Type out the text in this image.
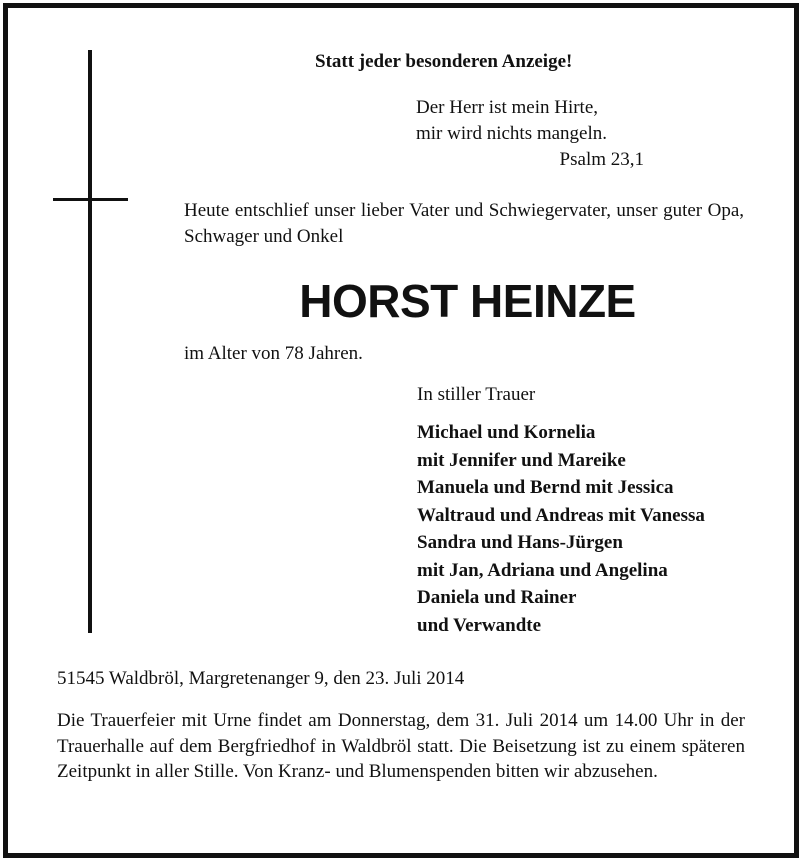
Statt jeder besonderen Anzeige!
Der Herr ist mein Hirte,
mir wird nichts mangeln.
Psalm 23,1
Heute entschlief unser lieber Vater und Schwiegervater, unser guter Opa, Schwager und Onkel
HORST HEINZE
im Alter von 78 Jahren.
In stiller Trauer
Michael und Kornelia
mit Jennifer und Mareike
Manuela und Bernd mit Jessica
Waltraud und Andreas mit Vanessa
Sandra und Hans-Jürgen
mit Jan, Adriana und Angelina
Daniela und Rainer
und Verwandte
51545 Waldbröl, Margretenanger 9, den 23. Juli 2014
Die Trauerfeier mit Urne findet am Donnerstag, dem 31. Juli 2014 um 14.00 Uhr in der Trauerhalle auf dem Bergfriedhof in Waldbröl statt. Die Beisetzung ist zu einem späteren Zeitpunkt in aller Stille. Von Kranz- und Blumenspenden bitten wir abzusehen.
